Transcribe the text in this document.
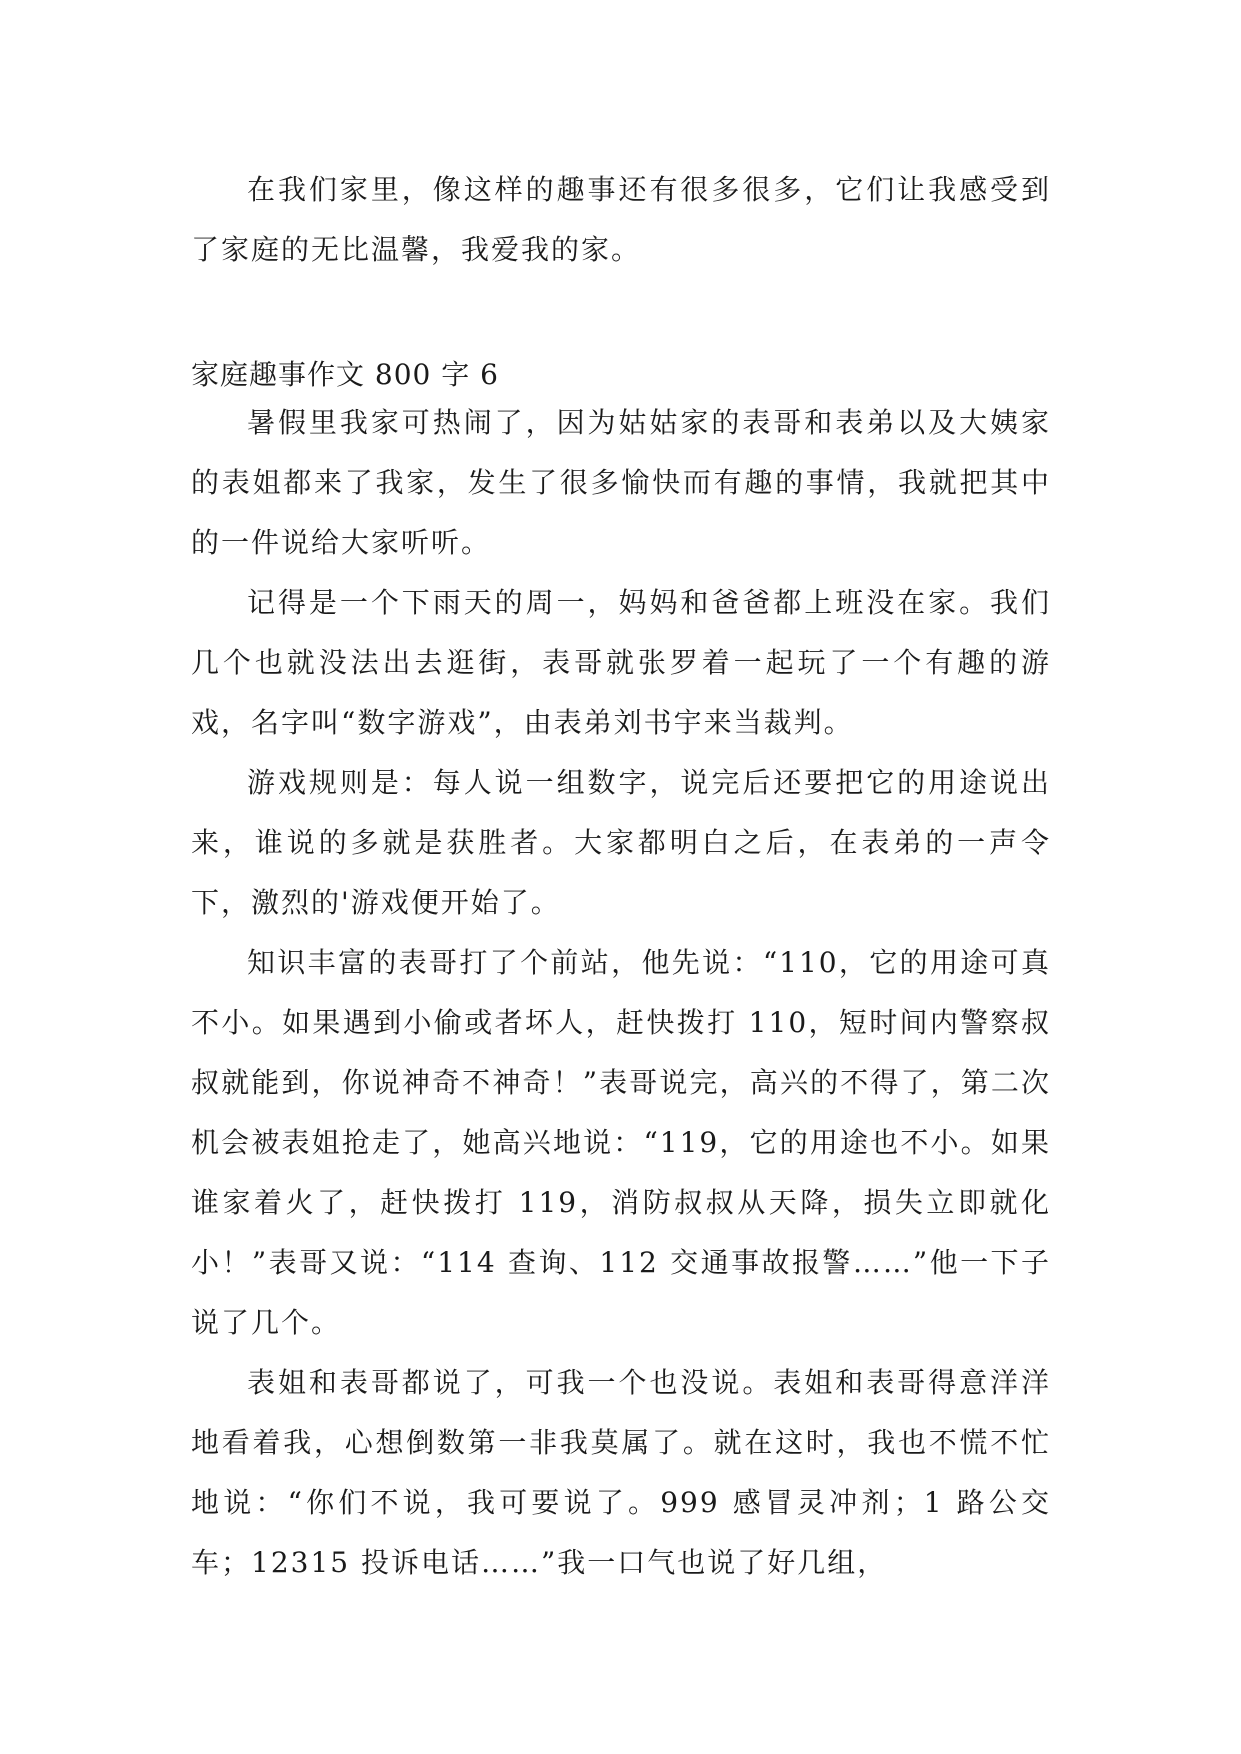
在我们家里，像这样的趣事还有很多很多，它们让我感受到了家庭的无比温馨，我爱我的家。

家庭趣事作文 800 字 6

暑假里我家可热闹了，因为姑姑家的表哥和表弟以及大姨家的表姐都来了我家，发生了很多愉快而有趣的事情，我就把其中的一件说给大家听听。

记得是一个下雨天的周一，妈妈和爸爸都上班没在家。我们几个也就没法出去逛街，表哥就张罗着一起玩了一个有趣的游戏，名字叫“数字游戏”，由表弟刘书宇来当裁判。

游戏规则是：每人说一组数字，说完后还要把它的用途说出来，谁说的多就是获胜者。大家都明白之后，在表弟的一声令下，激烈的'游戏便开始了。

知识丰富的表哥打了个前站，他先说：“110，它的用途可真不小。如果遇到小偷或者坏人，赶快拨打 110，短时间内警察叔叔就能到，你说神奇不神奇！”表哥说完，高兴的不得了，第二次机会被表姐抢走了，她高兴地说：“119，它的用途也不小。如果谁家着火了，赶快拨打 119，消防叔叔从天降，损失立即就化小！”表哥又说：“114 查询、112 交通事故报警……”他一下子说了几个。

表姐和表哥都说了，可我一个也没说。表姐和表哥得意洋洋地看着我，心想倒数第一非我莫属了。就在这时，我也不慌不忙地说：“你们不说，我可要说了。999 感冒灵冲剂；1 路公交车；12315 投诉电话……”我一口气也说了好几组，
